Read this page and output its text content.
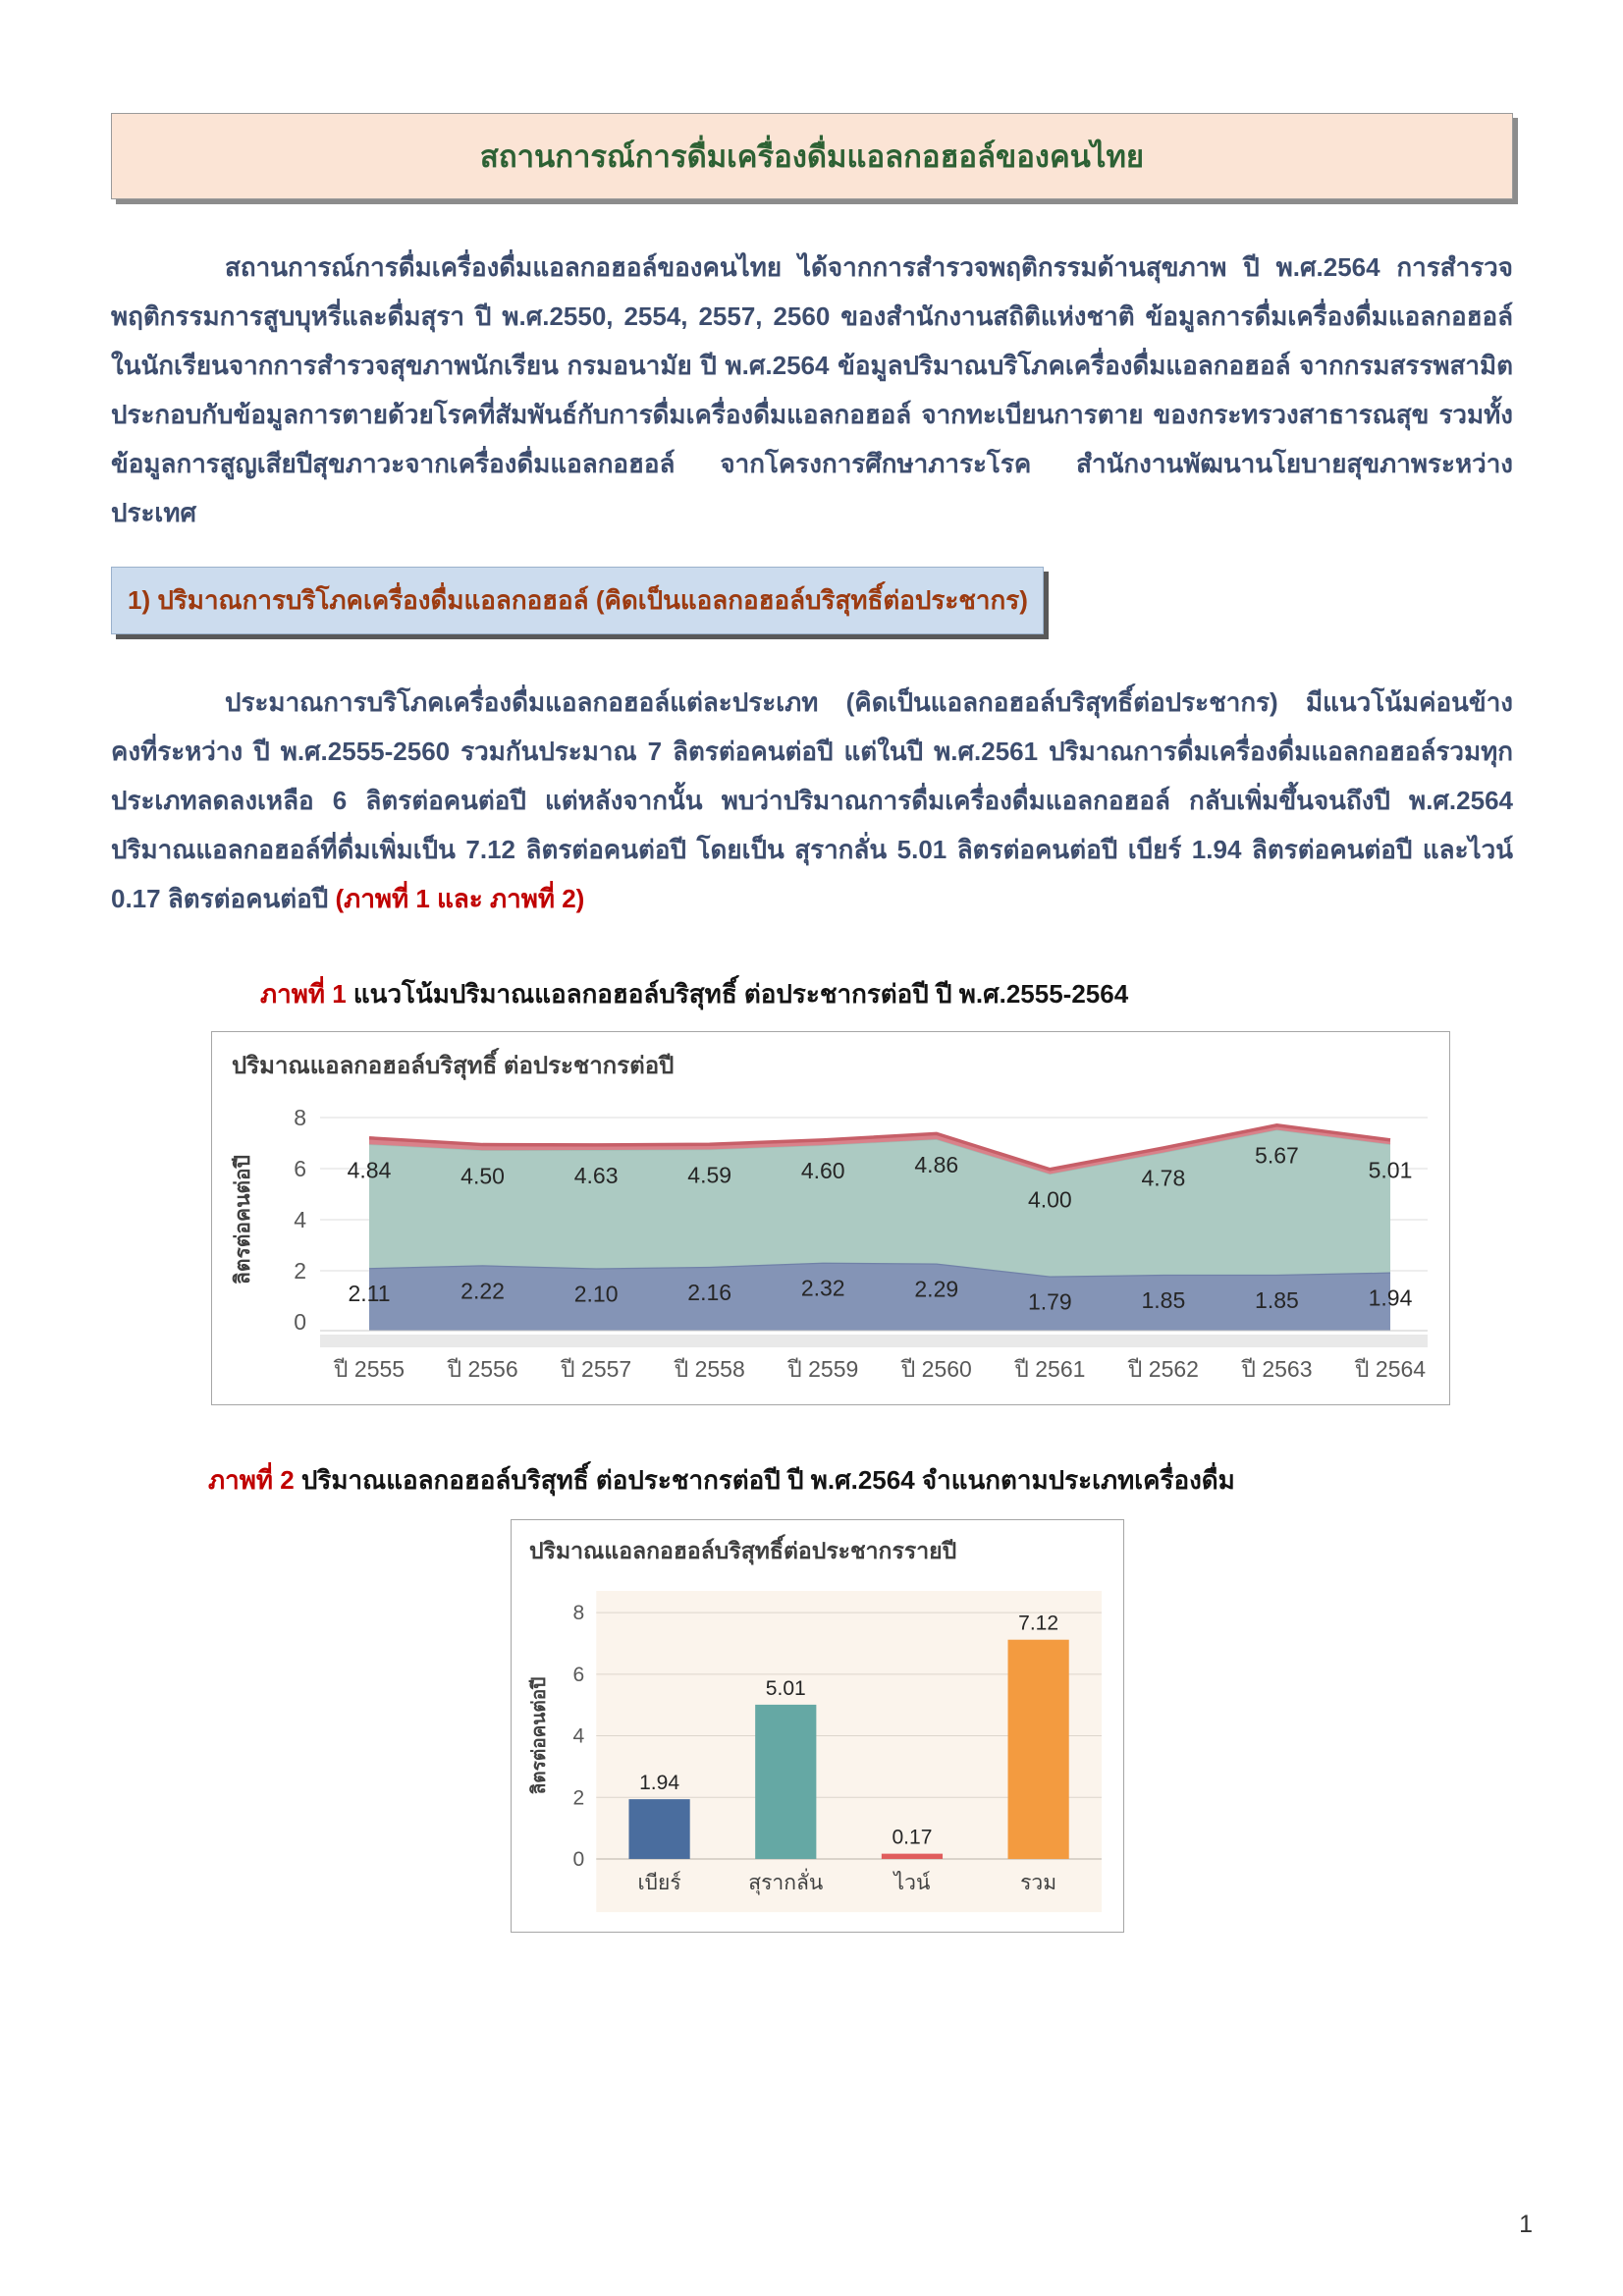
สถานการณ์การดื่มเครื่องดื่มแอลกอฮอล์ของคนไทย

สถานการณ์การดื่มเครื่องดื่มแอลกอฮอล์ของคนไทย ได้จากการสำรวจพฤติกรรมด้านสุขภาพ ปี พ.ศ.2564 การสำรวจพฤติกรรมการสูบบุหรี่และดื่มสุรา ปี พ.ศ.2550, 2554, 2557, 2560 ของสำนักงานสถิติแห่งชาติ ข้อมูลการดื่มเครื่องดื่มแอลกอฮอล์ในนักเรียนจากการสำรวจสุขภาพนักเรียน กรมอนามัย ปี พ.ศ.2564 ข้อมูลปริมาณบริโภคเครื่องดื่มแอลกอฮอล์ จากกรมสรรพสามิต ประกอบกับข้อมูลการตายด้วยโรคที่สัมพันธ์กับการดื่มเครื่องดื่มแอลกอฮอล์ จากทะเบียนการตาย ของกระทรวงสาธารณสุข รวมทั้งข้อมูลการสูญเสียปีสุขภาวะจากเครื่องดื่มแอลกอฮอล์ จากโครงการศึกษาภาระโรค สำนักงานพัฒนานโยบายสุขภาพระหว่างประเทศ

1) ปริมาณการบริโภคเครื่องดื่มแอลกอฮอล์ (คิดเป็นแอลกอฮอล์บริสุทธิ์ต่อประชากร)

ประมาณการบริโภคเครื่องดื่มแอลกอฮอล์แต่ละประเภท (คิดเป็นแอลกอฮอล์บริสุทธิ์ต่อประชากร) มีแนวโน้มค่อนข้างคงที่ระหว่าง ปี พ.ศ.2555-2560 รวมกันประมาณ 7 ลิตรต่อคนต่อปี แต่ในปี พ.ศ.2561 ปริมาณการดื่มเครื่องดื่มแอลกอฮอล์รวมทุกประเภทลดลงเหลือ 6 ลิตรต่อคนต่อปี แต่หลังจากนั้น พบว่าปริมาณการดื่มเครื่องดื่มแอลกอฮอล์ กลับเพิ่มขึ้นจนถึงปี พ.ศ.2564 ปริมาณแอลกอฮอล์ที่ดื่มเพิ่มเป็น 7.12 ลิตรต่อคนต่อปี โดยเป็น สุรากลั่น 5.01 ลิตรต่อคนต่อปี เบียร์ 1.94 ลิตรต่อคนต่อปี และไวน์ 0.17 ลิตรต่อคนต่อปี (ภาพที่ 1 และ ภาพที่ 2)

ภาพที่ 1 แนวโน้มปริมาณแอลกอฮอล์บริสุทธิ์ ต่อประชากรต่อปี ปี พ.ศ.2555-2564
ปริมาณแอลกอฮอล์บริสุทธิ์ ต่อประชากรต่อปี
2.11	2.22	2.10	2.16	2.32	2.29	1.79	1.85	1.85	1.94
4.84	4.50	4.63	4.59	4.60	4.86
4.00
4.78
5.67
5.01
0
2
4
6
8
ปี 2555 ปี 2556 ปี 2557 ปี 2558 ปี 2559 ปี 2560 ปี 2561 ปี 2562 ปี 2563 ปี 2564
ลิตรต่อคนต่อปี
ภาพที่ 2 ปริมาณแอลกอฮอล์บริสุทธิ์ ต่อประชากรต่อปี ปี พ.ศ.2564 จำแนกตามประเภทเครื่องดื่ม
ปริมาณแอลกอฮอล์บริสุทธิ์ต่อประชากรรายปี
0
2
4
6
8
1.94
เบียร์
5.01
สุรากลั่น
0.17
ไวน์
7.12
รวม
ลิตรต่อคนต่อปี
1
